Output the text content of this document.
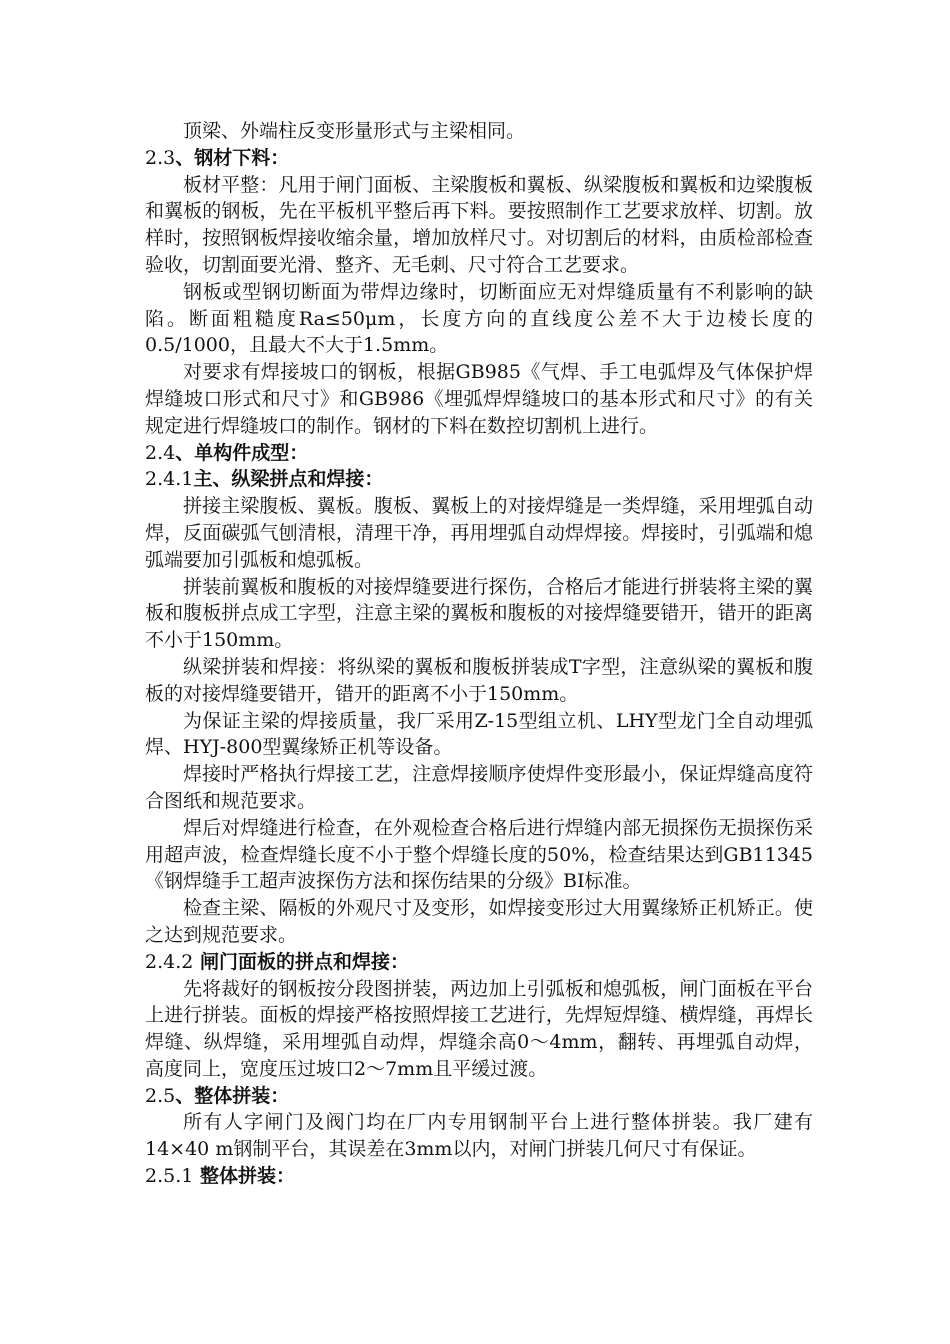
顶梁、外端柱反变形量形式与主梁相同。
2.3、钢材下料：
板材平整：凡用于闸门面板、主梁腹板和翼板、纵梁腹板和翼板和边梁腹板和翼板的钢板，先在平板机平整后再下料。要按照制作工艺要求放样、切割。放样时，按照钢板焊接收缩余量，增加放样尺寸。对切割后的材料，由质检部检查验收，切割面要光滑、整齐、无毛刺、尺寸符合工艺要求。
钢板或型钢切断面为带焊边缘时，切断面应无对焊缝质量有不利影响的缺陷。断面粗糙度Ra≤50μm，长度方向的直线度公差不大于边棱长度的0.5/1000，且最大不大于1.5mm。
对要求有焊接坡口的钢板，根据GB985《气焊、手工电弧焊及气体保护焊焊缝坡口形式和尺寸》和GB986《埋弧焊焊缝坡口的基本形式和尺寸》的有关规定进行焊缝坡口的制作。钢材的下料在数控切割机上进行。
2.4、单构件成型：
2.4.1主、纵梁拼点和焊接：
拼接主梁腹板、翼板。腹板、翼板上的对接焊缝是一类焊缝，采用埋弧自动焊，反面碳弧气刨清根，清理干净，再用埋弧自动焊焊接。焊接时，引弧端和熄弧端要加引弧板和熄弧板。
拼装前翼板和腹板的对接焊缝要进行探伤，合格后才能进行拼装将主梁的翼板和腹板拼点成工字型，注意主梁的翼板和腹板的对接焊缝要错开，错开的距离不小于150mm。
纵梁拼装和焊接：将纵梁的翼板和腹板拼装成T字型，注意纵梁的翼板和腹板的对接焊缝要错开，错开的距离不小于150mm。
为保证主梁的焊接质量，我厂采用Z-15型组立机、LHY型龙门全自动埋弧焊、HYJ-800型翼缘矫正机等设备。
焊接时严格执行焊接工艺，注意焊接顺序使焊件变形最小，保证焊缝高度符合图纸和规范要求。
焊后对焊缝进行检查，在外观检查合格后进行焊缝内部无损探伤无损探伤采用超声波，检查焊缝长度不小于整个焊缝长度的50%，检查结果达到GB11345《钢焊缝手工超声波探伤方法和探伤结果的分级》BI标准。
检查主梁、隔板的外观尺寸及变形，如焊接变形过大用翼缘矫正机矫正。使之达到规范要求。
2.4.2 闸门面板的拼点和焊接：
先将裁好的钢板按分段图拼装，两边加上引弧板和熄弧板，闸门面板在平台上进行拼装。面板的焊接严格按照焊接工艺进行，先焊短焊缝、横焊缝，再焊长焊缝、纵焊缝，采用埋弧自动焊，焊缝余高0～4mm，翻转、再埋弧自动焊，高度同上，宽度压过坡口2～7mm且平缓过渡。
2.5、整体拼装：
所有人字闸门及阀门均在厂内专用钢制平台上进行整体拼装。我厂建有14×40 m钢制平台，其误差在3mm以内，对闸门拼装几何尺寸有保证。
2.5.1 整体拼装：
